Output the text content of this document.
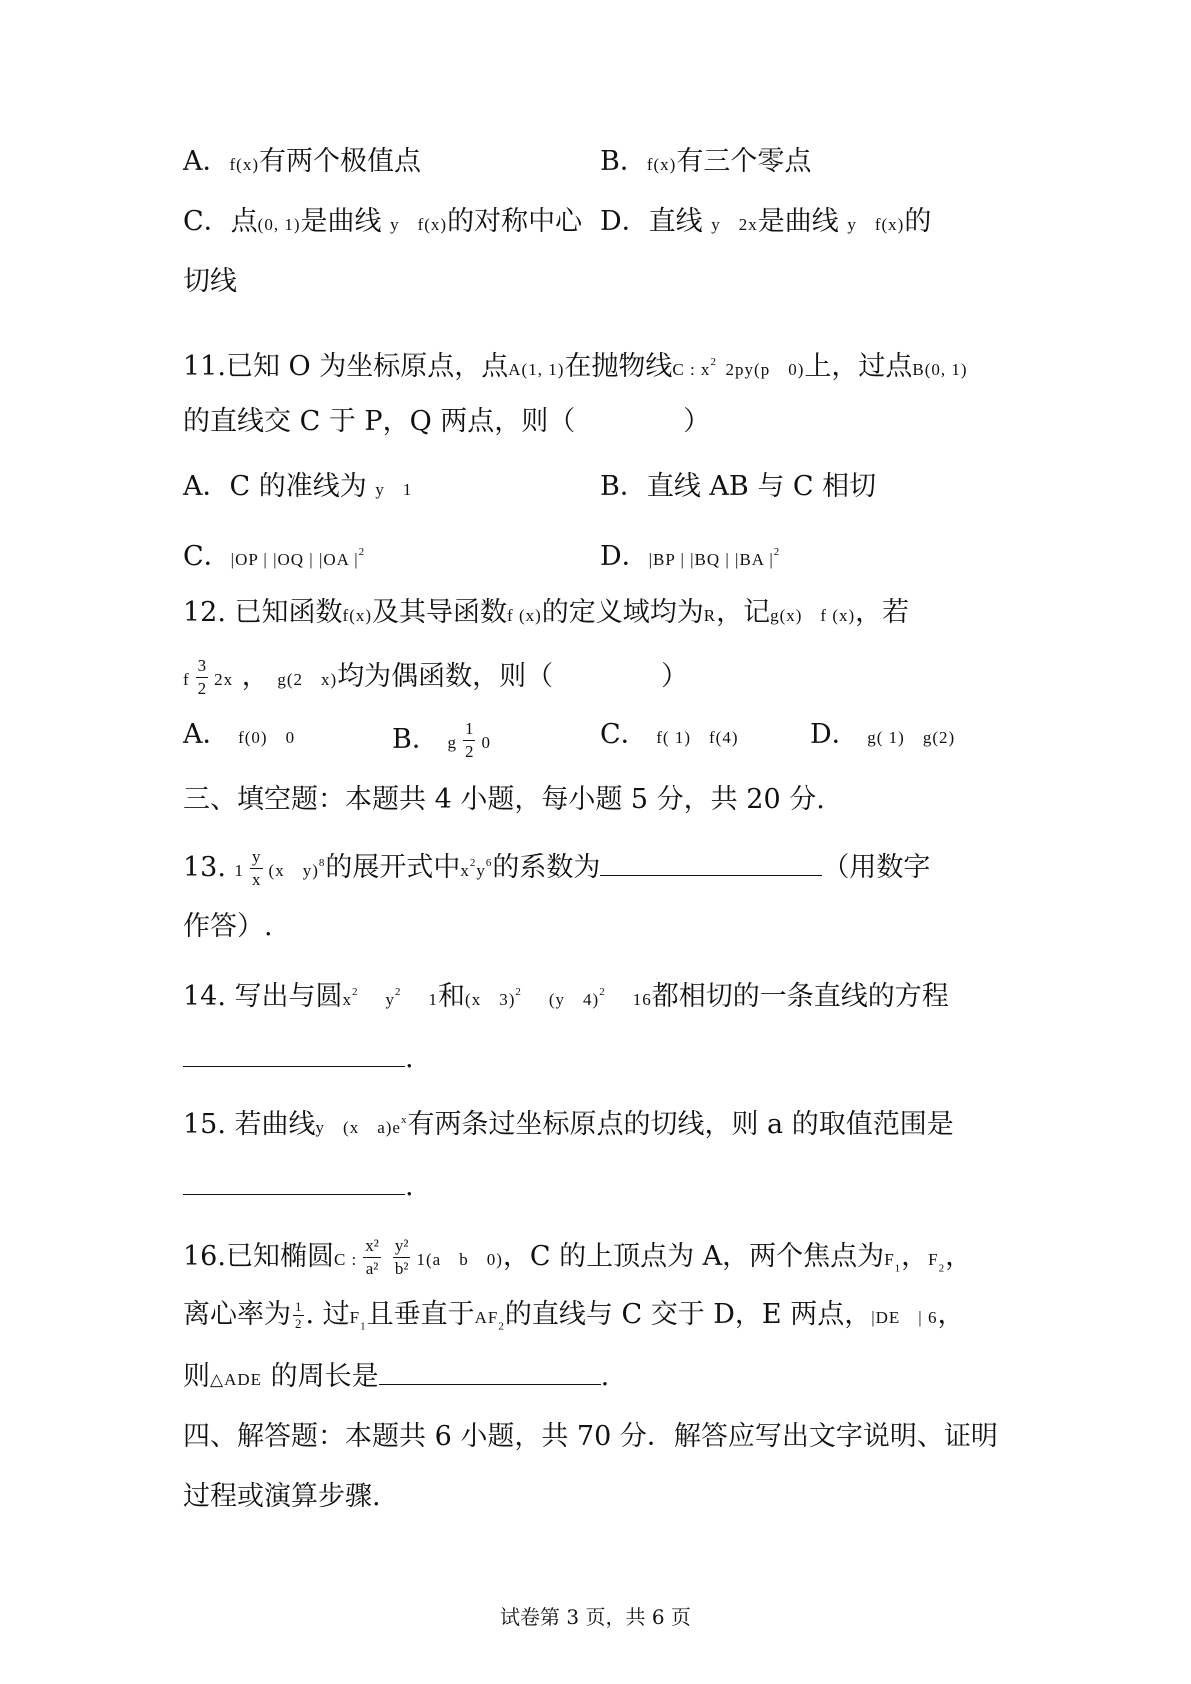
A．f(x)有两个极值点	B．f(x)有三个零点
C．点(0, 1)是曲线 y　f(x)的对称中心 D．直线 y　2x是曲线 y　f(x)的
切线
11.已知 O 为坐标原点，点A(1, 1)在抛物线C : $x^2$ 2py(p　0)上，过点B(0, 1)
的直线交 C 于 P，Q 两点，则（　　　　）
A．C 的准线为 y　1	B．直线 AB 与 C 相切
C．|OP | |OQ | |OA $|^2$	D．|BP | |BQ | |BA $|^2$
12. 已知函数f(x)及其导函数f (x)的定义域均为R，记g(x)　f (x)，若
f $\frac{3}{2} 2x$ ， g(2　x)均为偶函数，则（　　　　）
A． f(0)　0	B． g $\frac{1}{2} 0$	C． f( 1)　f(4)	D． g( 1)　g(2)
三、填空题：本题共 4 小题，每小题 5 分，共 20 分.
13. $1 \frac{y}{x} (x$　y)$^8$的展开式中$x^2y^6$的系数为	（用数字
作答）.
14. 写出与圆$x^2$　 $y^2$　 1和(x　3)$^2$　 (y　4)$^2$　 16都相切的一条直线的方程
.
15. 若曲线y　(x　$a)e^x$有两条过坐标原点的切线，则 a 的取值范围是
.
16.已知椭圆C : $\frac{\text{x²}}{\text{a²}} \frac{\text{y²}}{\text{b²}} 1(a$　b　0)，C 的上顶点为 A，两个焦点为$F_1$，$F_2$，
离心率为 $\frac{1}{2}$ . 过$F_1$且垂直于$AF_2$的直线与 C 交于 D，E 两点，|DE　| 6，
则△ADE 的周长是	.
四、解答题：本题共 6 小题，共 70 分．解答应写出文字说明、证明
过程或演算步骤.
试卷第 3 页，共 6 页
